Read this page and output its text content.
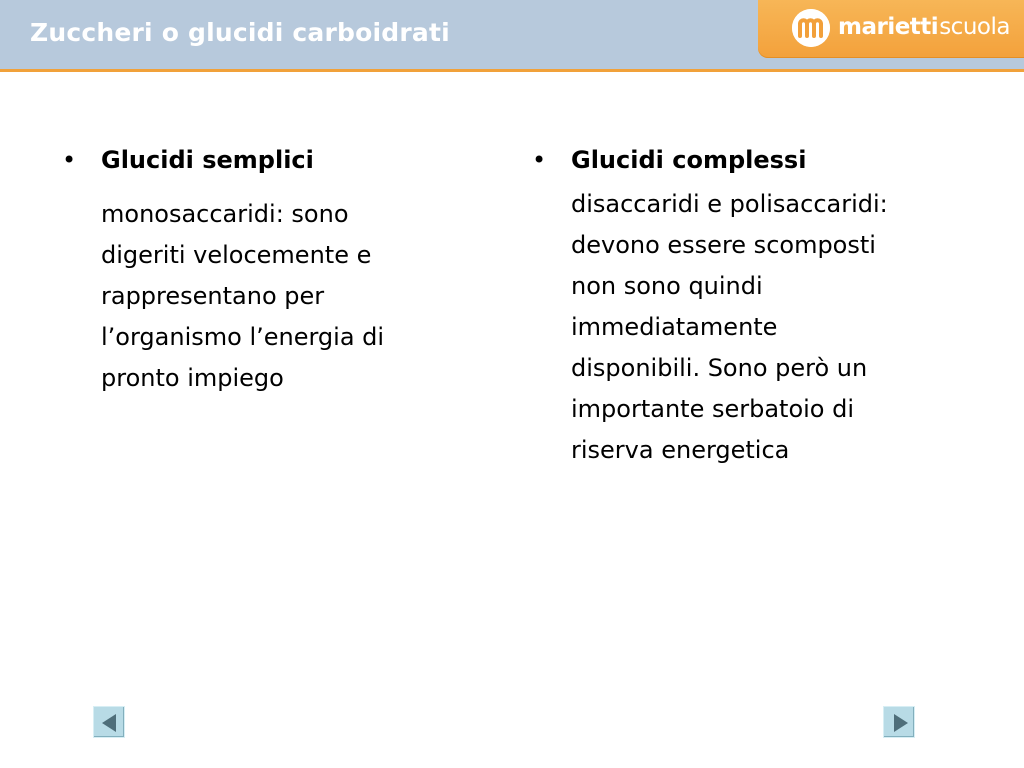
Zuccheri o glucidi carboidrati	mariettiscuola
• Glucidi semplici
monosaccaridi: sono
digeriti velocemente e
rappresentano per
l’organismo l’energia di
pronto impiego
• Glucidi complessi
disaccaridi e polisaccaridi:
devono essere scomposti
non sono quindi
immediatamente
disponibili. Sono però un
importante serbatoio di
riserva energetica
